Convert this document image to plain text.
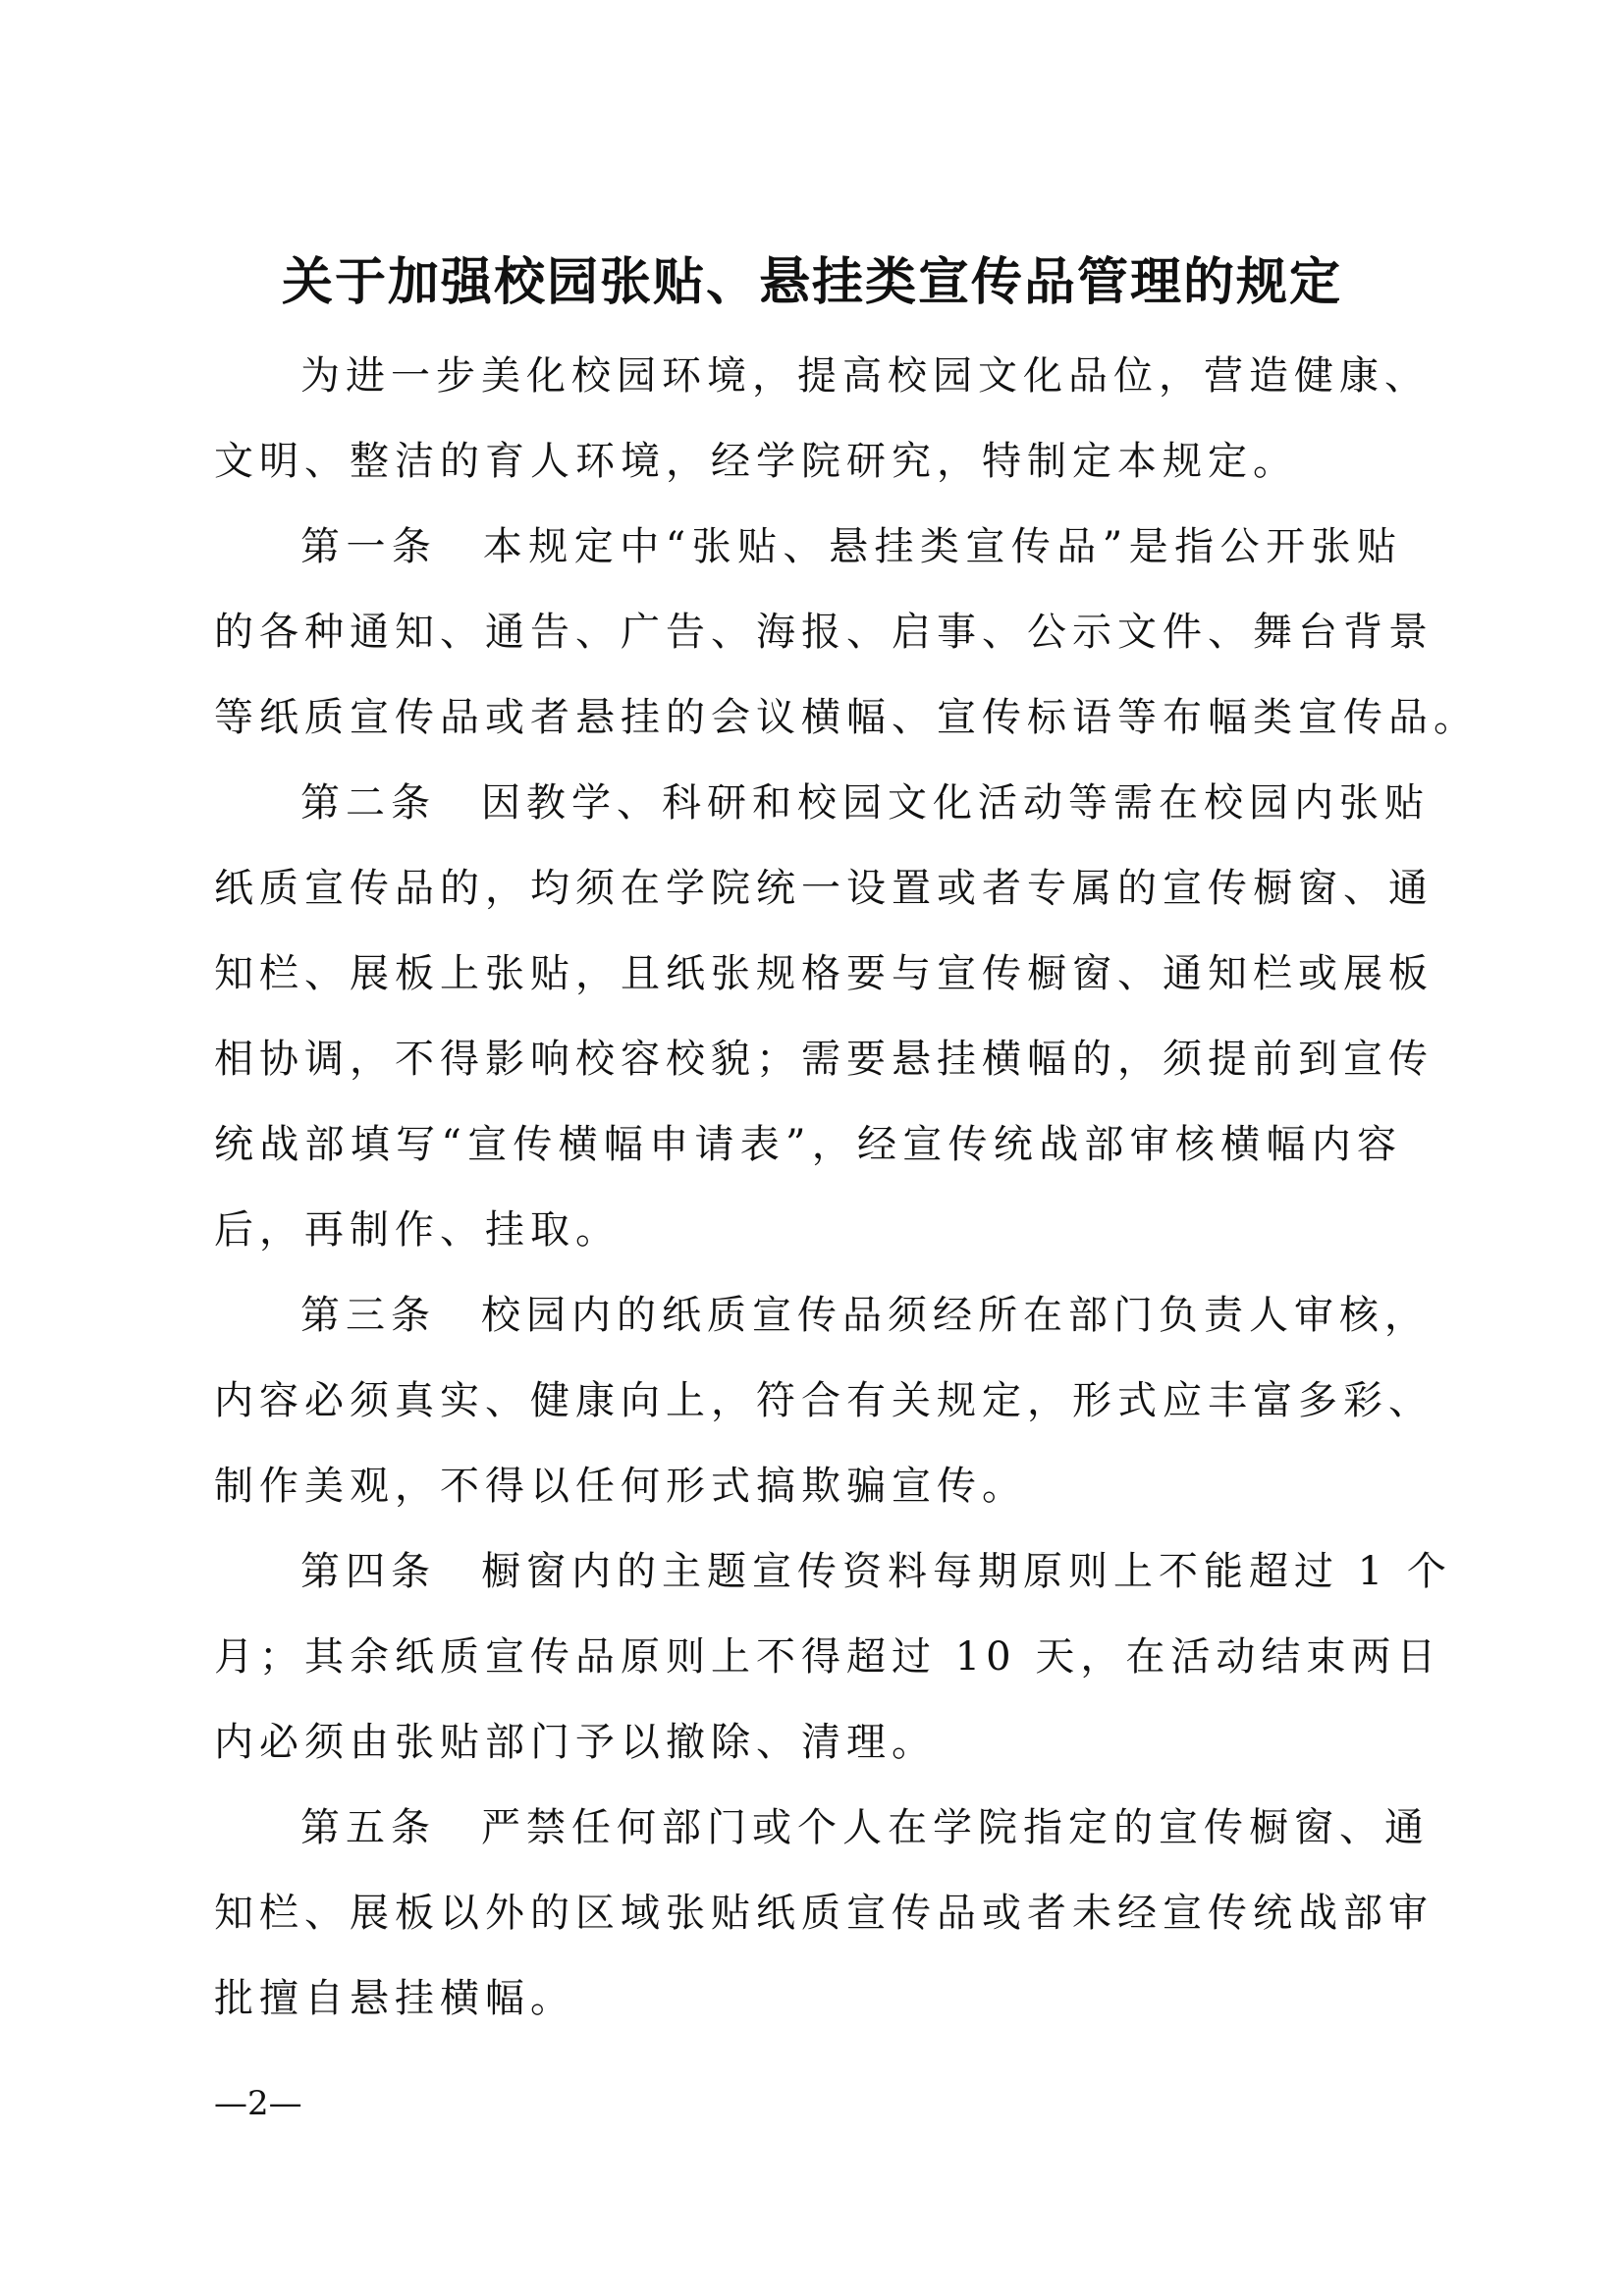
关于加强校园张贴、悬挂类宣传品管理的规定

为进一步美化校园环境，提高校园文化品位，营造健康、
文明、整洁的育人环境，经学院研究，特制定本规定。

第一条　本规定中“张贴、悬挂类宣传品”是指公开张贴
的各种通知、通告、广告、海报、启事、公示文件、舞台背景
等纸质宣传品或者悬挂的会议横幅、宣传标语等布幅类宣传品。

第二条　因教学、科研和校园文化活动等需在校园内张贴
纸质宣传品的，均须在学院统一设置或者专属的宣传橱窗、通
知栏、展板上张贴，且纸张规格要与宣传橱窗、通知栏或展板
相协调，不得影响校容校貌；需要悬挂横幅的，须提前到宣传
统战部填写“宣传横幅申请表”，经宣传统战部审核横幅内容
后，再制作、挂取。

第三条　校园内的纸质宣传品须经所在部门负责人审核，
内容必须真实、健康向上，符合有关规定，形式应丰富多彩、
制作美观，不得以任何形式搞欺骗宣传。

第四条　橱窗内的主题宣传资料每期原则上不能超过 1 个
月；其余纸质宣传品原则上不得超过 10 天，在活动结束两日
内必须由张贴部门予以撤除、清理。

第五条　严禁任何部门或个人在学院指定的宣传橱窗、通
知栏、展板以外的区域张贴纸质宣传品或者未经宣传统战部审
批擅自悬挂横幅。

—2—
